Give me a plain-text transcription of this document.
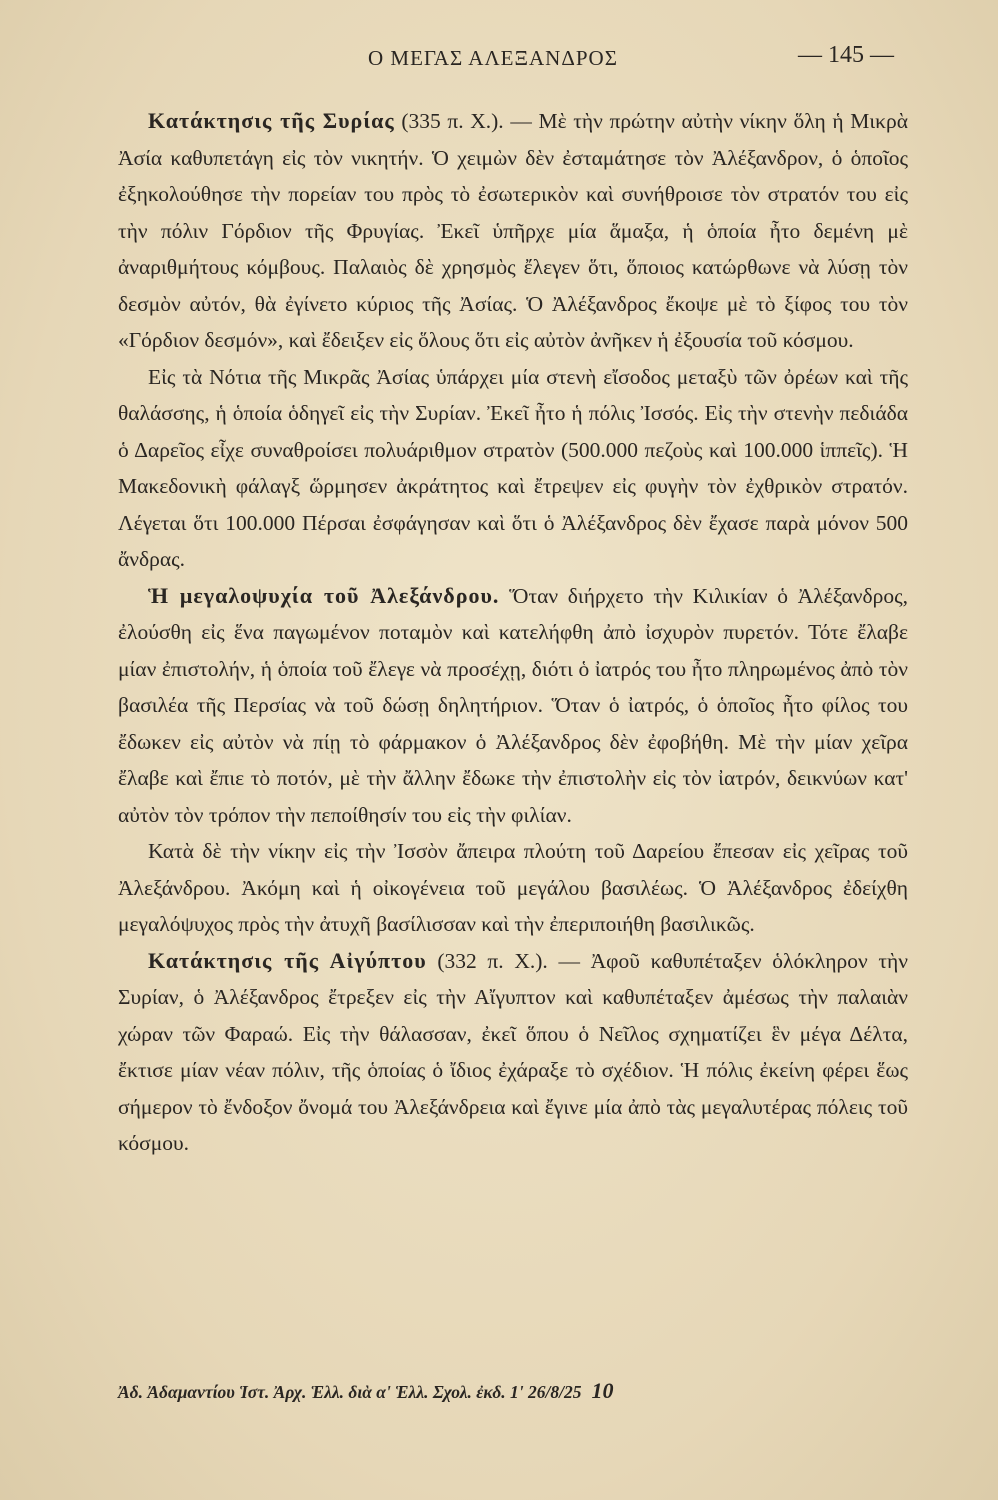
Ο ΜΕΓΑΣ ΑΛΕΞΑΝΔΡΟΣ	— 145 —

Κατάκτησις τῆς Συρίας (335 π. Χ.). — Μὲ τὴν πρώτην αὐτὴν νίκην ὅλη ἡ Μικρὰ Ἀσία καθυπετάγη εἰς τὸν νικητήν. Ὁ χειμὼν δὲν ἐσταμάτησε τὸν Ἀλέξανδρον, ὁ ὁποῖος ἐξηκολούθησε τὴν πορείαν του πρὸς τὸ ἐσωτερικὸν καὶ συνήθροισε τὸν στρατόν του εἰς τὴν πόλιν Γόρδιον τῆς Φρυγίας. Ἐκεῖ ὑπῆρχε μία ἅμαξα, ἡ ὁποία ἦτο δεμένη μὲ ἀναριθμήτους κόμβους. Παλαιὸς δὲ χρησμὸς ἔλεγεν ὅτι, ὅποιος κατώρθωνε νὰ λύσῃ τὸν δεσμὸν αὐτόν, θὰ ἐγίνετο κύριος τῆς Ἀσίας. Ὁ Ἀλέξανδρος ἔκοψε μὲ τὸ ξίφος του τὸν «Γόρδιον δεσμόν», καὶ ἔδειξεν εἰς ὅλους ὅτι εἰς αὐτὸν ἀνῆκεν ἡ ἐξουσία τοῦ κόσμου.

Εἰς τὰ Νότια τῆς Μικρᾶς Ἀσίας ὑπάρχει μία στενὴ εἴσοδος μεταξὺ τῶν ὀρέων καὶ τῆς θαλάσσης, ἡ ὁποία ὁδηγεῖ εἰς τὴν Συρίαν. Ἐκεῖ ἦτο ἡ πόλις Ἰσσός. Εἰς τὴν στενὴν πεδιάδα ὁ Δαρεῖος εἶχε συναθροίσει πολυάριθμον στρατὸν (500.000 πεζοὺς καὶ 100.000 ἱππεῖς). Ἡ Μακεδονικὴ φάλαγξ ὥρμησεν ἀκράτητος καὶ ἔτρεψεν εἰς φυγὴν τὸν ἐχθρικὸν στρατόν. Λέγεται ὅτι 100.000 Πέρσαι ἐσφάγησαν καὶ ὅτι ὁ Ἀλέξανδρος δὲν ἔχασε παρὰ μόνον 500 ἄνδρας.

Ἡ μεγαλοψυχία τοῦ Ἀλεξάνδρου. Ὅταν διήρχετο τὴν Κιλικίαν ὁ Ἀλέξανδρος, ἐλούσθη εἰς ἕνα παγωμένον ποταμὸν καὶ κατελήφθη ἀπὸ ἰσχυρὸν πυρετόν. Τότε ἔλαβε μίαν ἐπιστολήν, ἡ ὁποία τοῦ ἔλεγε νὰ προσέχῃ, διότι ὁ ἰατρός του ἦτο πληρωμένος ἀπὸ τὸν βασιλέα τῆς Περσίας νὰ τοῦ δώσῃ δηλητήριον. Ὅταν ὁ ἰατρός, ὁ ὁποῖος ἦτο φίλος του ἔδωκεν εἰς αὐτὸν νὰ πίῃ τὸ φάρμακον ὁ Ἀλέξανδρος δὲν ἐφοβήθη. Μὲ τὴν μίαν χεῖρα ἔλαβε καὶ ἔπιε τὸ ποτόν, μὲ τὴν ἄλλην ἔδωκε τὴν ἐπιστολὴν εἰς τὸν ἰατρόν, δεικνύων κατ' αὐτὸν τὸν τρόπον τὴν πεποίθησίν του εἰς τὴν φιλίαν.

Κατὰ δὲ τὴν νίκην εἰς τὴν Ἰσσὸν ἄπειρα πλούτη τοῦ Δαρείου ἔπεσαν εἰς χεῖρας τοῦ Ἀλεξάνδρου. Ἀκόμη καὶ ἡ οἰκογένεια τοῦ μεγάλου βασιλέως. Ὁ Ἀλέξανδρος ἐδείχθη μεγαλόψυχος πρὸς τὴν ἀτυχῆ βασίλισσαν καὶ τὴν ἐπεριποιήθη βασιλικῶς.

Κατάκτησις τῆς Αἰγύπτου (332 π. Χ.). — Ἀφοῦ καθυπέταξεν ὁλόκληρον τὴν Συρίαν, ὁ Ἀλέξανδρος ἔτρεξεν εἰς τὴν Αἴγυπτον καὶ καθυπέταξεν ἀμέσως τὴν παλαιὰν χώραν τῶν Φαραώ. Εἰς τὴν θάλασσαν, ἐκεῖ ὅπου ὁ Νεῖλος σχηματίζει ἓν μέγα Δέλτα, ἔκτισε μίαν νέαν πόλιν, τῆς ὁποίας ὁ ἴδιος ἐχάραξε τὸ σχέδιον. Ἡ πόλις ἐκείνη φέρει ἕως σήμερον τὸ ἔνδοξον ὄνομά του Ἀλεξάνδρεια καὶ ἔγινε μία ἀπὸ τὰς μεγαλυτέρας πόλεις τοῦ κόσμου.

Ἀδ. Ἀδαμαντίου Ἱστ. Ἀρχ. Ἑλλ. διὰ α' Ἑλλ. Σχολ. ἐκδ. 1' 26/8/25 10
